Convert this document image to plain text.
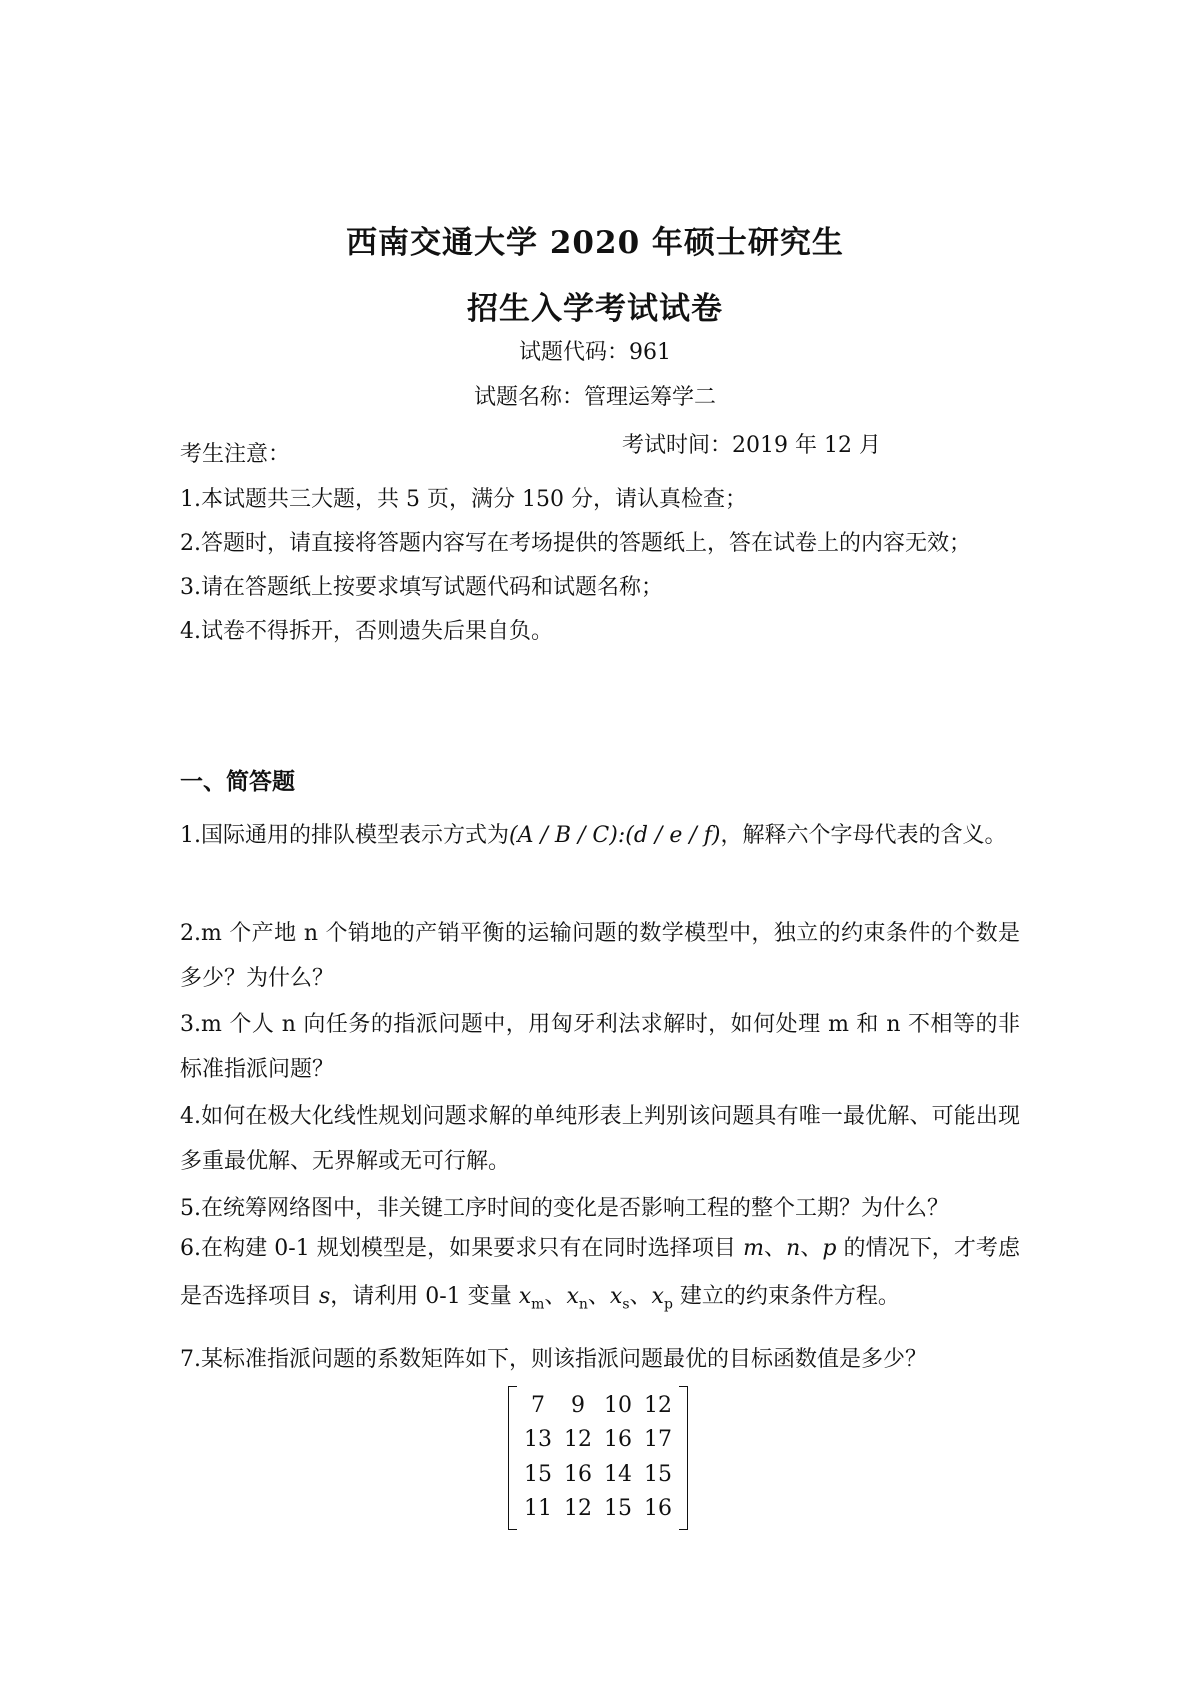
西南交通大学 2020 年硕士研究生
招生入学考试试卷
试题代码：961
试题名称：管理运筹学二
考试时间：2019 年 12 月
考生注意：
1.本试题共三大题，共 5 页，满分 150 分，请认真检查；
2.答题时，请直接将答题内容写在考场提供的答题纸上，答在试卷上的内容无效；
3.请在答题纸上按要求填写试题代码和试题名称；
4.试卷不得拆开，否则遗失后果自负。
一、简答题
1.国际通用的排队模型表示方式为(A / B / C):(d / e / f)，解释六个字母代表的含义。
2.m 个产地 n 个销地的产销平衡的运输问题的数学模型中，独立的约束条件的个数是多少？为什么？
3.m 个人 n 向任务的指派问题中，用匈牙利法求解时，如何处理 m 和 n 不相等的非标准指派问题？
4.如何在极大化线性规划问题求解的单纯形表上判别该问题具有唯一最优解、可能出现多重最优解、无界解或无可行解。
5.在统筹网络图中，非关键工序时间的变化是否影响工程的整个工期？为什么？
6.在构建 0-1 规划模型是，如果要求只有在同时选择项目 m、n、p 的情况下，才考虑是否选择项目 s，请利用 0-1 变量 $x_m$、$x_n$、$x_s$、$x_p$ 建立的约束条件方程。
7.某标准指派问题的系数矩阵如下，则该指派问题最优的目标函数值是多少？
7	9	10	12
13	12	16	17
15	16	14	15
11	12	15	16
